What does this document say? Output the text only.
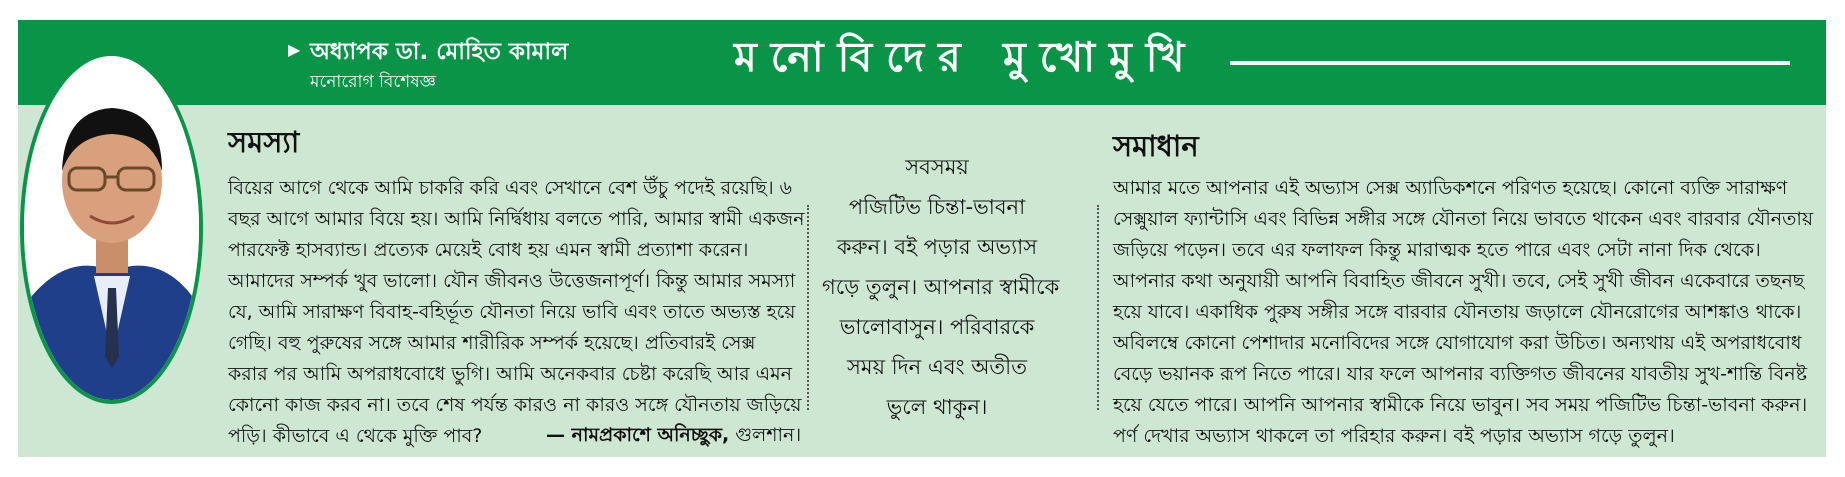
▶ অধ্যাপক ডা. মোহিত কামাল
মনোরোগ বিশেষজ্ঞ
মনোবিদের মুখোমুখি
সমস্যা
বিয়ের আগে থেকে আমি চাকরি করি এবং সেখানে বেশ উঁচু পদেই রয়েছি। ৬
বছর আগে আমার বিয়ে হয়। আমি নির্দ্বিধায় বলতে পারি, আমার স্বামী একজন
পারফেক্ট হাসব্যান্ড। প্রত্যেক মেয়েই বোধ হয় এমন স্বামী প্রত্যাশা করেন।
আমাদের সম্পর্ক খুব ভালো। যৌন জীবনও উত্তেজনাপূর্ণ। কিন্তু আমার সমস্যা
যে, আমি সারাক্ষণ বিবাহ-বহির্ভূত যৌনতা নিয়ে ভাবি এবং তাতে অভ্যস্ত হয়ে
গেছি। বহু পুরুষের সঙ্গে আমার শারীরিক সম্পর্ক হয়েছে। প্রতিবারই সেক্স
করার পর আমি অপরাধবোধে ভুগি। আমি অনেকবার চেষ্টা করেছি আর এমন
কোনো কাজ করব না। তবে শেষ পর্যন্ত কারও না কারও সঙ্গে যৌনতায় জড়িয়ে
পড়ি। কীভাবে এ থেকে মুক্তি পাব?	— নামপ্রকাশে অনিচ্ছুক, গুলশান।
সবসময়
পজিটিভ চিন্তা-ভাবনা
করুন। বই পড়ার অভ্যাস
গড়ে তুলুন। আপনার স্বামীকে
ভালোবাসুন। পরিবারকে
সময় দিন এবং অতীত
ভুলে থাকুন।
সমাধান
আমার মতে আপনার এই অভ্যাস সেক্স অ্যাডিকশনে পরিণত হয়েছে। কোনো ব্যক্তি সারাক্ষণ
সেক্সুয়াল ফ্যান্টাসি এবং বিভিন্ন সঙ্গীর সঙ্গে যৌনতা নিয়ে ভাবতে থাকেন এবং বারবার যৌনতায়
জড়িয়ে পড়েন। তবে এর ফলাফল কিন্তু মারাত্মক হতে পারে এবং সেটা নানা দিক থেকে।
আপনার কথা অনুযায়ী আপনি বিবাহিত জীবনে সুখী। তবে, সেই সুখী জীবন একেবারে তছনছ
হয়ে যাবে। একাধিক পুরুষ সঙ্গীর সঙ্গে বারবার যৌনতায় জড়ালে যৌনরোগের আশঙ্কাও থাকে।
অবিলম্বে কোনো পেশাদার মনোবিদের সঙ্গে যোগাযোগ করা উচিত। অন্যথায় এই অপরাধবোধ
বেড়ে ভয়ানক রূপ নিতে পারে। যার ফলে আপনার ব্যক্তিগত জীবনের যাবতীয় সুখ-শান্তি বিনষ্ট
হয়ে যেতে পারে। আপনি আপনার স্বামীকে নিয়ে ভাবুন। সব সময় পজিটিভ চিন্তা-ভাবনা করুন।
পর্ণ দেখার অভ্যাস থাকলে তা পরিহার করুন। বই পড়ার অভ্যাস গড়ে তুলুন।
